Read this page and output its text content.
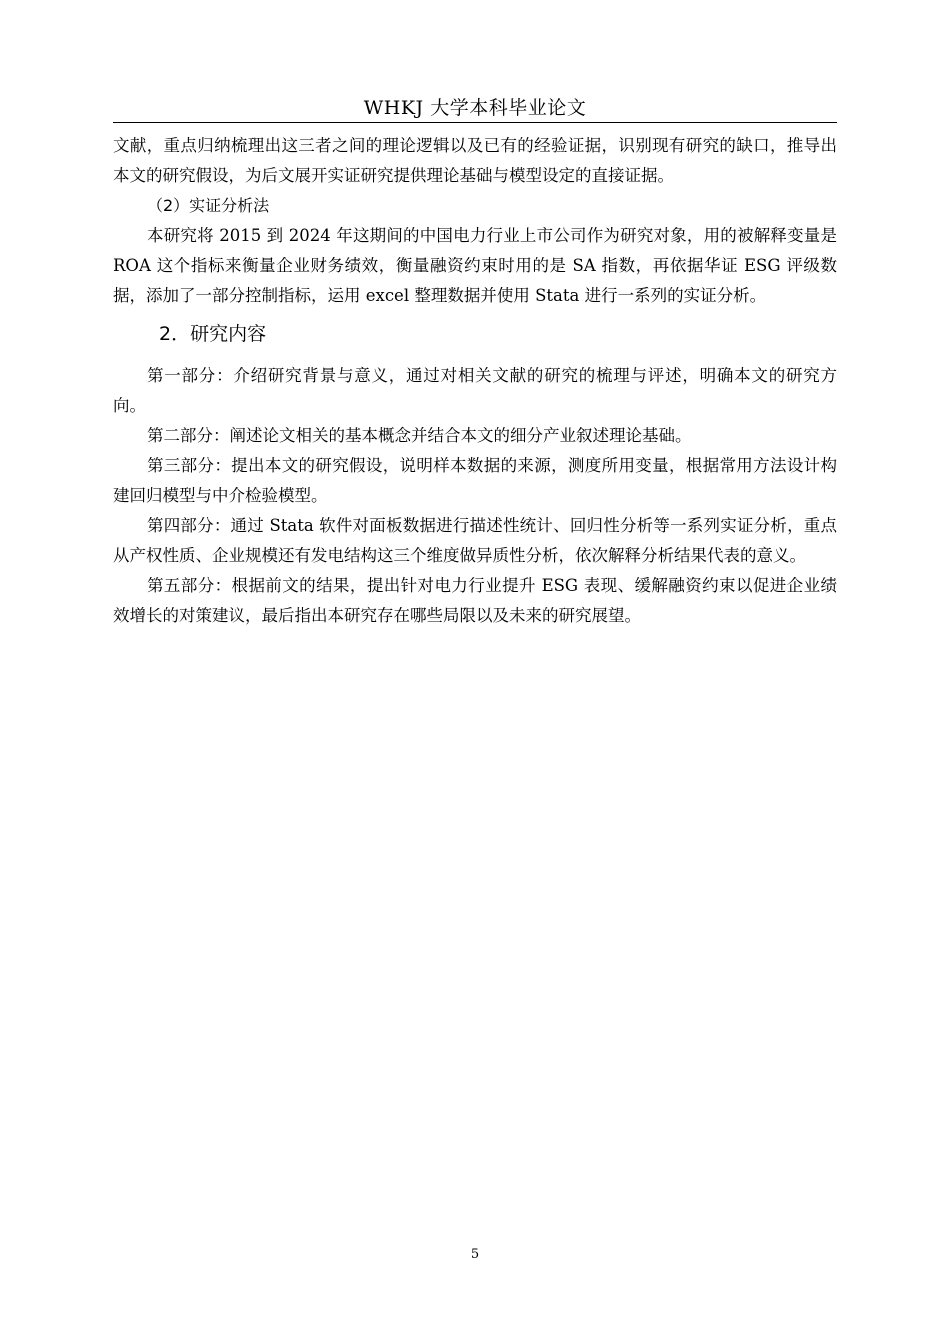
WHKJ 大学本科毕业论文

文献，重点归纳梳理出这三者之间的理论逻辑以及已有的经验证据，识别现有研究的缺口，推导出本文的研究假设，为后文展开实证研究提供理论基础与模型设定的直接证据。

（2）实证分析法

本研究将 2015 到 2024 年这期间的中国电力行业上市公司作为研究对象，用的被解释变量是 ROA 这个指标来衡量企业财务绩效，衡量融资约束时用的是 SA 指数，再依据华证 ESG 评级数据，添加了一部分控制指标，运用 excel 整理数据并使用 Stata 进行一系列的实证分析。

2．研究内容

第一部分：介绍研究背景与意义，通过对相关文献的研究的梳理与评述，明确本文的研究方向。

第二部分：阐述论文相关的基本概念并结合本文的细分产业叙述理论基础。

第三部分：提出本文的研究假设，说明样本数据的来源，测度所用变量，根据常用方法设计构建回归模型与中介检验模型。

第四部分：通过 Stata 软件对面板数据进行描述性统计、回归性分析等一系列实证分析，重点从产权性质、企业规模还有发电结构这三个维度做异质性分析，依次解释分析结果代表的意义。

第五部分：根据前文的结果，提出针对电力行业提升 ESG 表现、缓解融资约束以促进企业绩效增长的对策建议，最后指出本研究存在哪些局限以及未来的研究展望。

5
